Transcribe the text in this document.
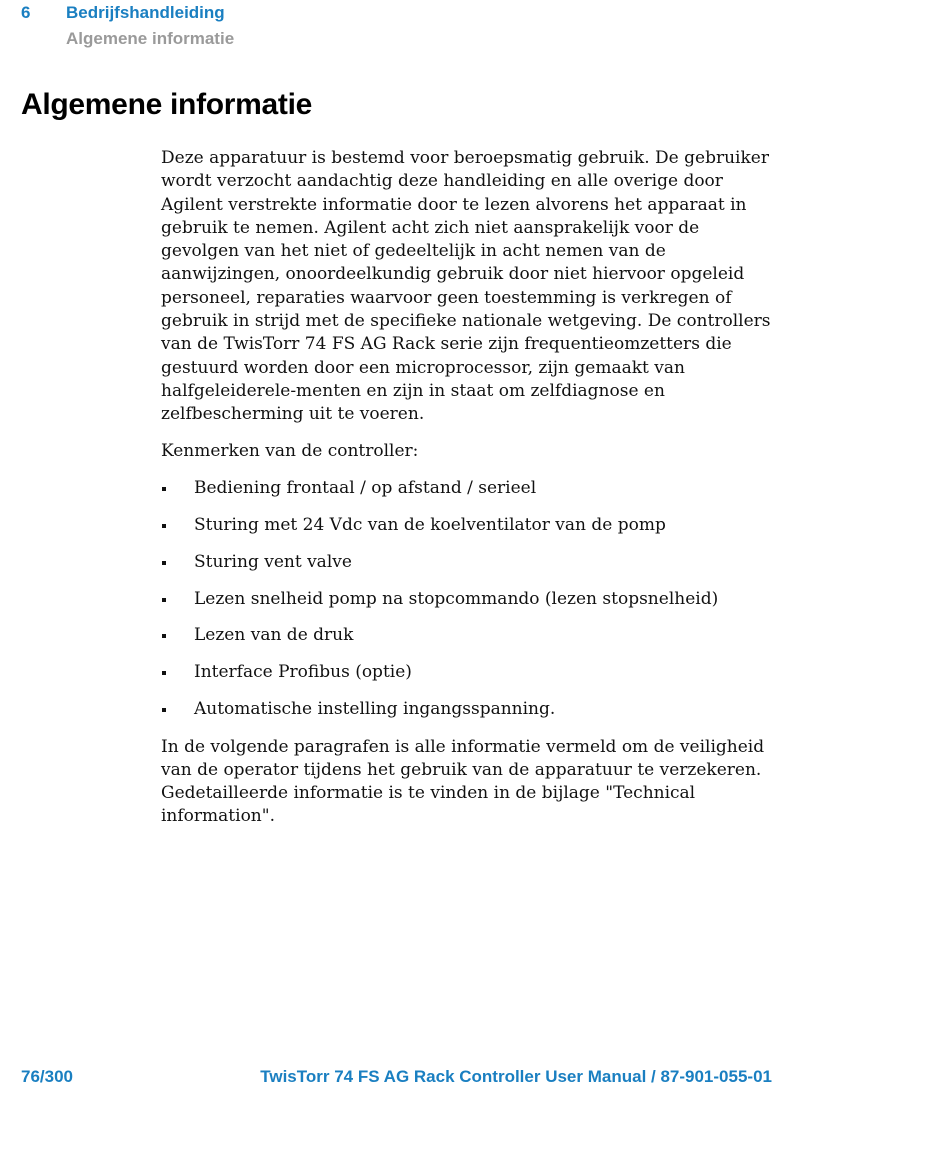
6 Bedrijfshandleiding
Algemene informatie
Algemene informatie

Deze apparatuur is bestemd voor beroepsmatig gebruik. De gebruiker wordt verzocht aandachtig deze handleiding en alle overige door Agilent verstrekte informatie door te lezen alvorens het apparaat in gebruik te nemen. Agilent acht zich niet aansprakelijk voor de gevolgen van het niet of gedeeltelijk in acht nemen van de aanwijzingen, onoordeelkundig gebruik door niet hiervoor opgeleid personeel, reparaties waarvoor geen toestemming is verkregen of gebruik in strijd met de specifieke nationale wetgeving. De controllers van de TwisTorr 74 FS AG Rack serie zijn frequentieomzetters die gestuurd worden door een microprocessor, zijn gemaakt van halfgeleiderele-menten en zijn in staat om zelfdiagnose en zelfbescherming uit te voeren.

Kenmerken van de controller:

Bediening frontaal / op afstand / serieel
Sturing met 24 Vdc van de koelventilator van de pomp
Sturing vent valve
Lezen snelheid pomp na stopcommando (lezen stopsnelheid)
Lezen van de druk
Interface Profibus (optie)
Automatische instelling ingangsspanning.

In de volgende paragrafen is alle informatie vermeld om de veiligheid van de operator tijdens het gebruik van de apparatuur te verzekeren. Gedetailleerde informatie is te vinden in de bijlage "Technical information".

76/300	TwisTorr 74 FS AG Rack Controller User Manual / 87-901-055-01
